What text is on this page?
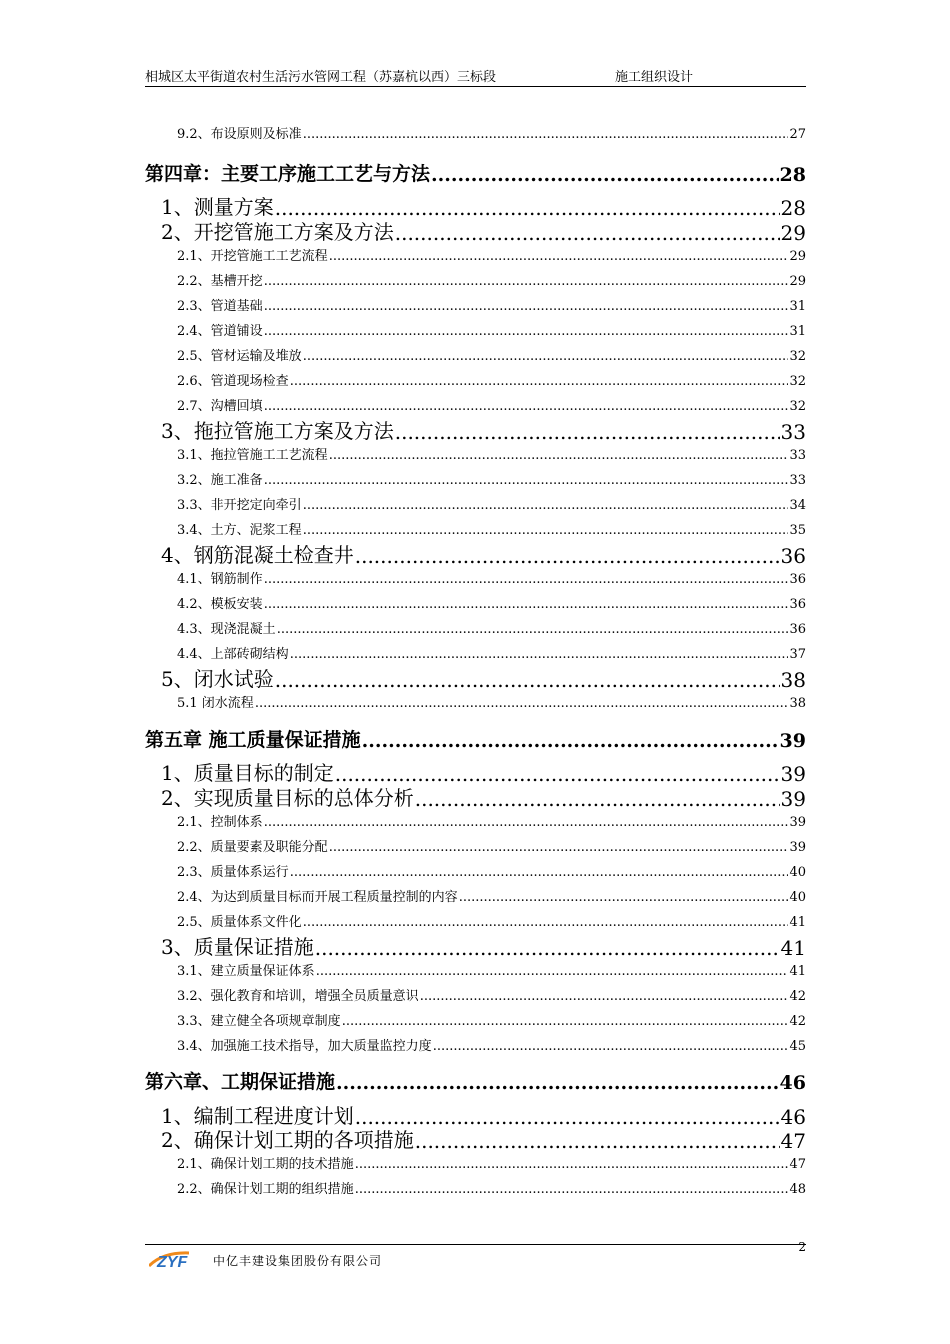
相城区太平街道农村生活污水管网工程（苏嘉杭以西）三标段	施工组织设计
9.2、布设原则及标准 .....	27
第四章：主要工序施工工艺与方法 .....	28
1、测量方案 .....	28
2、开挖管施工方案及方法 .....	29
2.1、开挖管施工工艺流程 .....	29
2.2、基槽开挖 .....	29
2.3、管道基础 .....	31
2.4、管道铺设 .....	31
2.5、管材运输及堆放 .....	32
2.6、管道现场检查 .....	32
2.7、沟槽回填 .....	32
3、拖拉管施工方案及方法 .....	33
3.1、拖拉管施工工艺流程 .....	33
3.2、施工准备 .....	33
3.3、非开挖定向牵引 .....	34
3.4、土方、泥浆工程 .....	35
4、钢筋混凝土检查井 .....	36
4.1、钢筋制作 .....	36
4.2、模板安装 .....	36
4.3、现浇混凝土 .....	36
4.4、上部砖砌结构 .....	37
5、闭水试验 .....	38
5.1 闭水流程 .....	38
第五章 施工质量保证措施 .....	39
1、质量目标的制定 .....	39
2、实现质量目标的总体分析 .....	39
2.1、控制体系 .....	39
2.2、质量要素及职能分配 .....	39
2.3、质量体系运行 .....	40
2.4、为达到质量目标而开展工程质量控制的内容 .....	40
2.5、质量体系文件化 .....	41
3、质量保证措施 .....	41
3.1、建立质量保证体系 .....	41
3.2、强化教育和培训，增强全员质量意识 .....	42
3.3、建立健全各项规章制度 .....	42
3.4、加强施工技术指导，加大质量监控力度 .....	45
第六章、工期保证措施 .....	46
1、编制工程进度计划 .....	46
2、确保计划工期的各项措施 .....	47
2.1、确保计划工期的技术措施 .....	47
2.2、确保计划工期的组织措施 .....	48
ZYF 中亿丰建设集团股份有限公司
2
